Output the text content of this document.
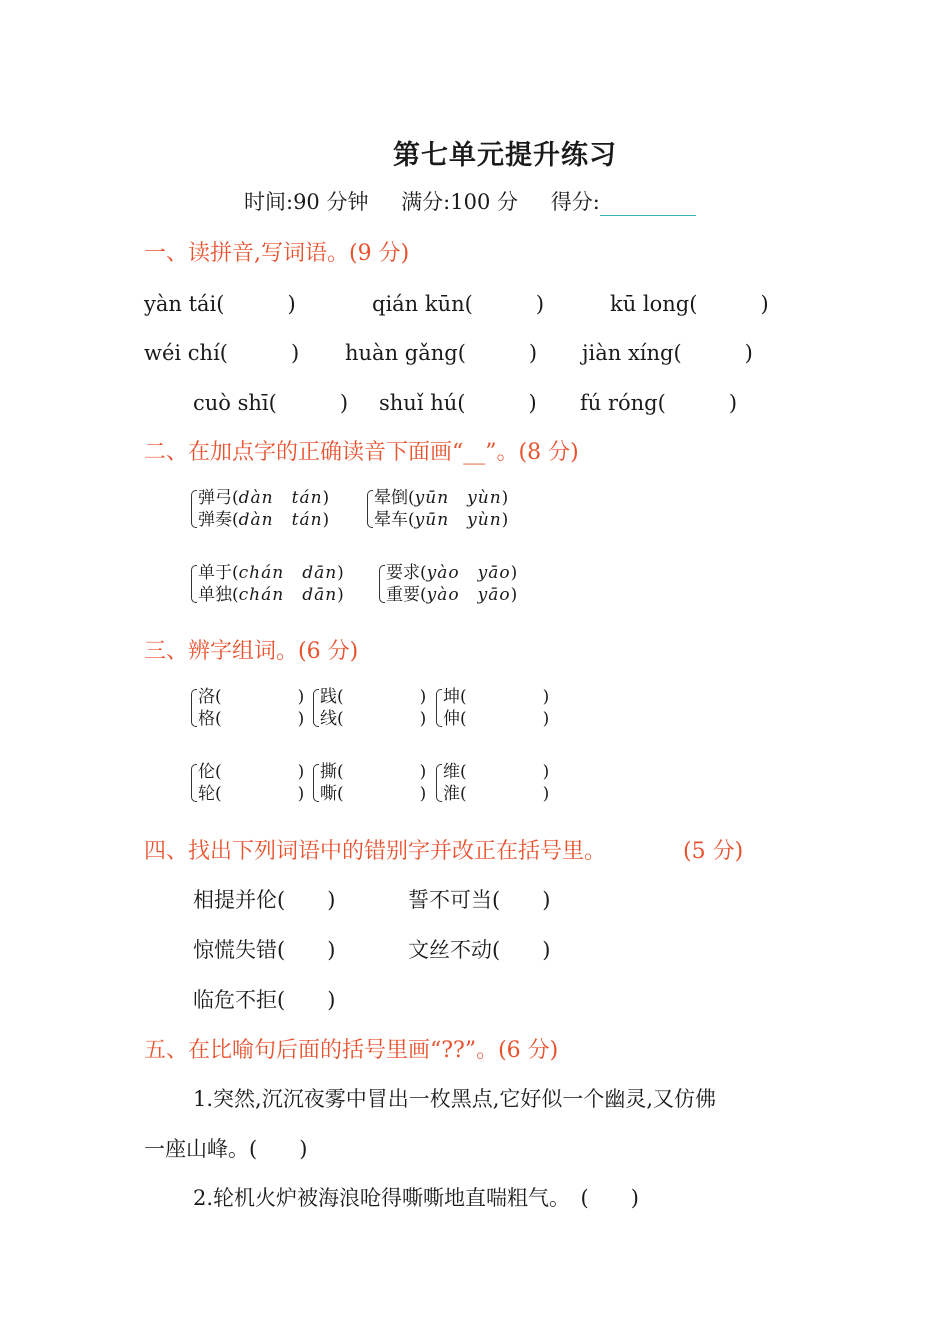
第七单元提升练习
时间:90 分钟 满分:100 分 得分:
一、读拼音,写词语。(9 分)
yàn tái(　　　)	qián kūn(　　　)	kū long(　　　)
wéi chí(　　　) huàn gǎng(　　　) jiàn xíng(　　　)
cuò shī(　　　) shuǐ hú(　　　) fú róng(　　　)
二、在加点字的正确读音下面画“__”。(8 分)
弹弓(dàn　tán)
弹奏(dàn　tán)
晕倒(yūn　yùn)
晕车(yūn　yùn)
单于(chán　dān)
单独(chán　dān)
要求(yào　yāo)
重要(yào　yāo)
三、辨字组词。(6 分)
洛(	)
格(	)
践(	)
线(	)
坤(	)
伸(	)
伦(	)
轮(	)
撕(	)
嘶(	)
维(	)
淮(	)
四、找出下列词语中的错别字并改正在括号里。	(5 分)
相提并伦(　　)	誓不可当(　　)
惊慌失错(　　)	文丝不动(　　)
临危不拒(　　)
五、在比喻句后面的括号里画“??”。(6 分)
1.突然,沉沉夜雾中冒出一枚黑点,它好似一个幽灵,又仿佛
一座山峰。(　　)
2.轮机火炉被海浪呛得嘶嘶地直喘粗气。　(　　)
